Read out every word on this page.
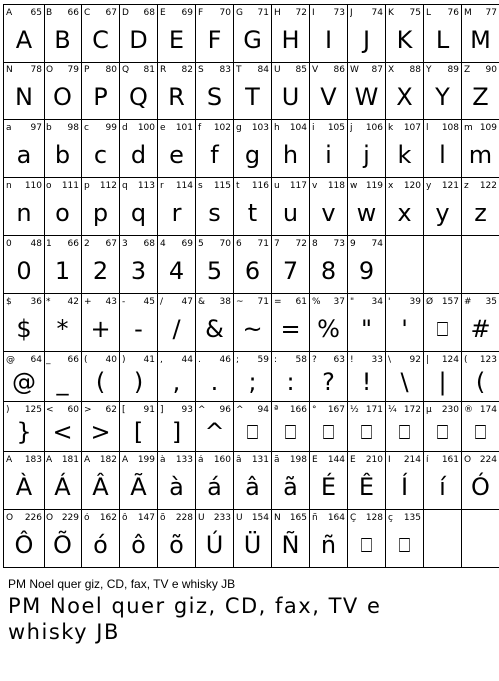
A 65
A
B 66
B
C 67
C
D 68
D
E 69
E
F 70
F
G 71
G
H 72
H
I 73
I
J 74
J
K 75
K
L 76
L
M 77
M
N 78
N
O 79
O
P 80
P
Q 81
Q
R 82
R
S 83
S
T 84
T
U 85
U
V 86
V
W 87
W
X 88
X
Y 89
Y
Z 90
Z
a 97
a
b 98
b
c 99
c
d 100
d
e 101
e
f 102
f
g 103
g
h 104
h
i 105
i
j 106
j
k 107
k
l 108
l
m 109
m
n 110
n
o 111
o
p 112
p
q 113
q
r 114
r
s 115
s
t 116
t
u 117
u
v 118
v
w 119
w
x 120
x
y 121
y
z 122
z
0 48
0
1 66
1
2 67
2
3 68
3
4 69
4
5 70
5
6 71
6
7 72
7
8 73
8
9 74
9
$ 36
$
* 42
*
+ 43
+
- 45
-
/ 47
/
& 38
&
~ 71
~
= 61
=
% 37
%
" 34
"
' 39
'
Ø 157
⎕
# 35
#
@ 64
@
_ 66
_
( 40
(
) 41
)
, 44
,
. 46
.
; 59
;
: 58
:
? 63
?
! 33
!
\ 92
\
| 124
|
( 123
(
) 125
}
< 60
<
> 62
>
[ 91
[
] 93
]
^ 96
^
^ 94
⎕
ª 166
⎕
° 167
⎕
½ 171
⎕
¼ 172
⎕
µ 230
⎕
® 174
⎕
À 183
À
Á 181
Á
Â 182
Â
Ã 199
Ã
à 133
à
á 160
á
â 131
â
ã 198
ã
É 144
É
Ê 210
Ê
Í 214
Í
í 161
í
Ó 224
Ó
Ô 226
Ô
Õ 229
Õ
ó 162
ó
ô 147
ô
õ 228
õ
Ú 233
Ú
Ü 154
Ü
Ñ 165
Ñ
ñ 164
ñ
Ç 128
⎕
ç 135
⎕
PM Noel quer giz, CD, fax, TV e whisky JB
PM Noel quer giz, CD, fax, TV e
whisky JB
